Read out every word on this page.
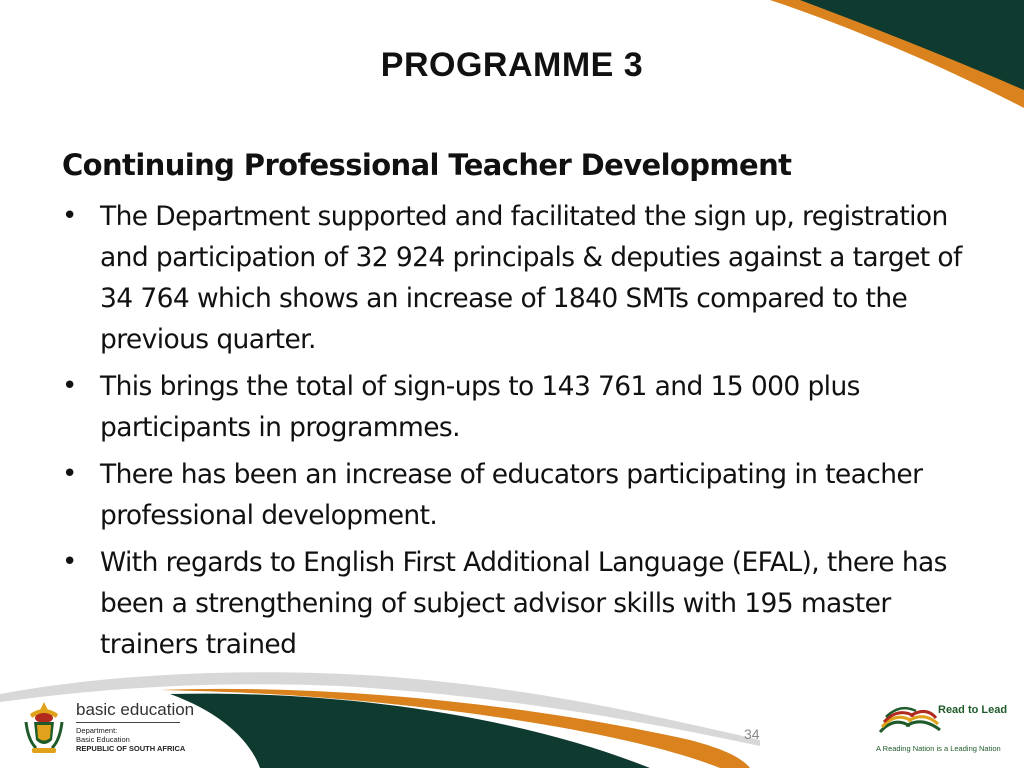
PROGRAMME 3
Continuing Professional Teacher Development
• The Department supported and facilitated the sign up, registration and participation of 32 924 principals & deputies against a target of 34 764 which shows an increase of 1840 SMTs compared to the previous quarter.
• This brings the total of sign-ups to 143 761 and 15 000 plus participants in programmes.
• There has been an increase of educators participating in teacher professional development.
• With regards to English First Additional Language (EFAL), there has been a strengthening of subject advisor skills with 195 master trainers trained
34
basic education
Department:
Basic Education
REPUBLIC OF SOUTH AFRICA
Read to Lead
A Reading Nation is a Leading Nation
